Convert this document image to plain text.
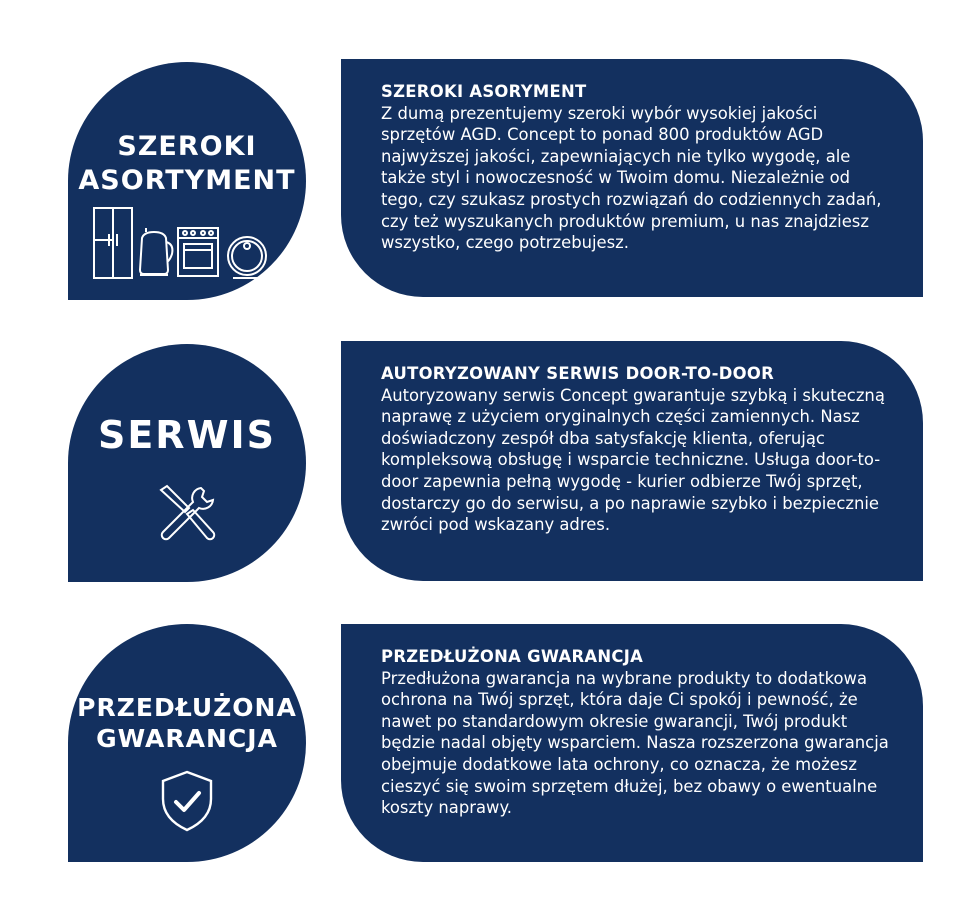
SZEROKI
ASORTYMENT
SZEROKI ASORYMENT
Z dumą prezentujemy szeroki wybór wysokiej jakości sprzętów AGD. Concept to ponad 800 produktów AGD najwyższej jakości, zapewniających nie tylko wygodę, ale także styl i nowoczesność w Twoim domu. Niezależnie od tego, czy szukasz prostych rozwiązań do codziennych zadań, czy też wyszukanych produktów premium, u nas znajdziesz wszystko, czego potrzebujesz.
SERWIS
AUTORYZOWANY SERWIS DOOR-TO-DOOR
Autoryzowany serwis Concept gwarantuje szybką i skuteczną naprawę z użyciem oryginalnych części zamiennych. Nasz doświadczony zespół dba satysfakcję klienta, oferując kompleksową obsługę i wsparcie techniczne. Usługa door-to-door zapewnia pełną wygodę - kurier odbierze Twój sprzęt, dostarczy go do serwisu, a po naprawie szybko i bezpiecznie zwróci pod wskazany adres.
PRZEDŁUŻONA
GWARANCJA
PRZEDŁUŻONA GWARANCJA
Przedłużona gwarancja na wybrane produkty to dodatkowa ochrona na Twój sprzęt, która daje Ci spokój i pewność, że nawet po standardowym okresie gwarancji, Twój produkt będzie nadal objęty wsparciem. Nasza rozszerzona gwarancja obejmuje dodatkowe lata ochrony, co oznacza, że możesz cieszyć się swoim sprzętem dłużej, bez obawy o ewentualne koszty naprawy.
